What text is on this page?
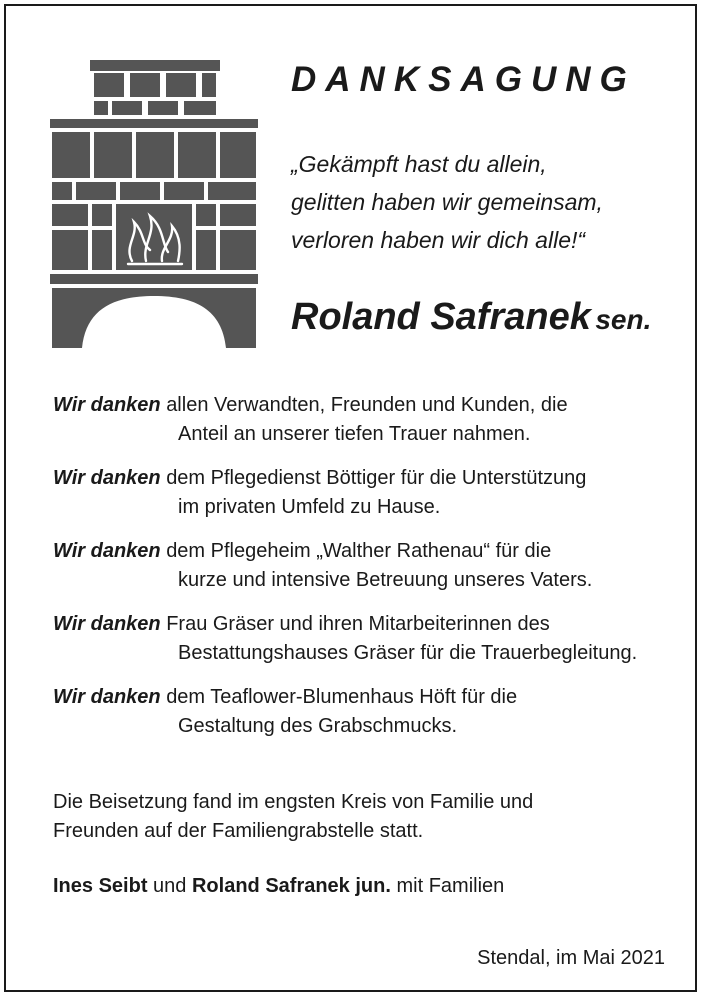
DANKSAGUNG

„Gekämpft hast du allein,
gelitten haben wir gemeinsam,
verloren haben wir dich alle!“

Roland Safranek sen.

Wir danken allen Verwandten, Freunden und Kunden, die
Anteil an unserer tiefen Trauer nahmen.
Wir danken dem Pflegedienst Böttiger für die Unterstützung
im privaten Umfeld zu Hause.
Wir danken dem Pflegeheim „Walther Rathenau“ für die
kurze und intensive Betreuung unseres Vaters.
Wir danken Frau Gräser und ihren Mitarbeiterinnen des
Bestattungshauses Gräser für die Trauerbegleitung.
Wir danken dem Teaflower-Blumenhaus Höft für die
Gestaltung des Grabschmucks.

Die Beisetzung fand im engsten Kreis von Familie und
Freunden auf der Familiengrabstelle statt.

Ines Seibt und Roland Safranek jun. mit Familien

Stendal, im Mai 2021
